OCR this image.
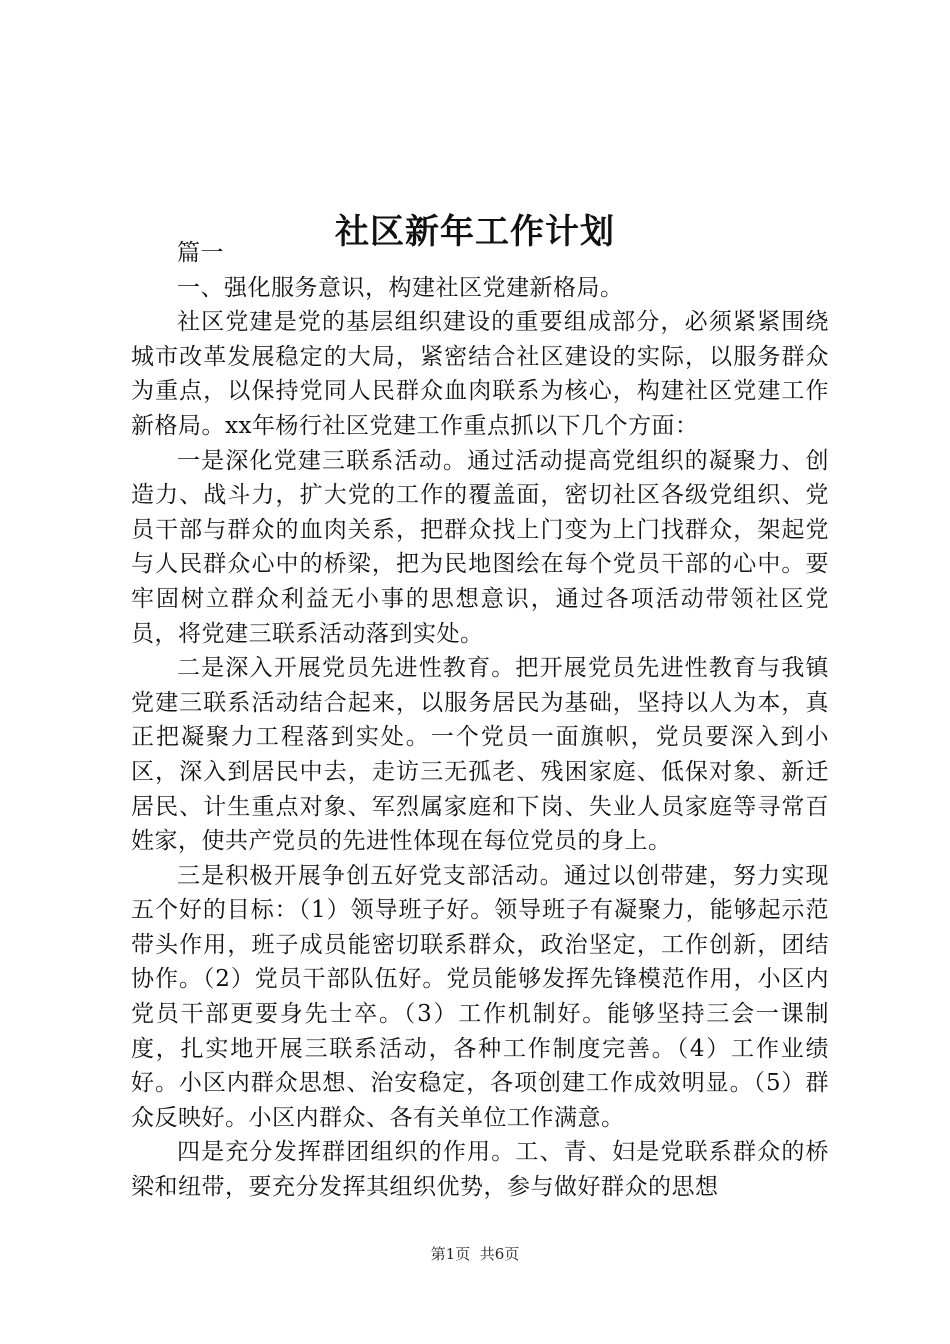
社区新年工作计划

篇一

一、强化服务意识，构建社区党建新格局。

社区党建是党的基层组织建设的重要组成部分，必须紧紧围绕城市改革发展稳定的大局，紧密结合社区建设的实际，以服务群众为重点，以保持党同人民群众血肉联系为核心，构建社区党建工作新格局。xx年杨行社区党建工作重点抓以下几个方面：

一是深化党建三联系活动。通过活动提高党组织的凝聚力、创造力、战斗力，扩大党的工作的覆盖面，密切社区各级党组织、党员干部与群众的血肉关系，把群众找上门变为上门找群众，架起党与人民群众心中的桥梁，把为民地图绘在每个党员干部的心中。要牢固树立群众利益无小事的思想意识，通过各项活动带领社区党员，将党建三联系活动落到实处。

二是深入开展党员先进性教育。把开展党员先进性教育与我镇党建三联系活动结合起来，以服务居民为基础，坚持以人为本，真正把凝聚力工程落到实处。一个党员一面旗帜，党员要深入到小区，深入到居民中去，走访三无孤老、残困家庭、低保对象、新迁居民、计生重点对象、军烈属家庭和下岗、失业人员家庭等寻常百姓家，使共产党员的先进性体现在每位党员的身上。

三是积极开展争创五好党支部活动。通过以创带建，努力实现五个好的目标：（1）领导班子好。领导班子有凝聚力，能够起示范带头作用，班子成员能密切联系群众，政治坚定，工作创新，团结协作。（2）党员干部队伍好。党员能够发挥先锋模范作用，小区内党员干部更要身先士卒。（3）工作机制好。能够坚持三会一课制度，扎实地开展三联系活动，各种工作制度完善。（4）工作业绩好。小区内群众思想、治安稳定，各项创建工作成效明显。（5）群众反映好。小区内群众、各有关单位工作满意。

四是充分发挥群团组织的作用。工、青、妇是党联系群众的桥梁和纽带，要充分发挥其组织优势，参与做好群众的思想

第1页 共6页
